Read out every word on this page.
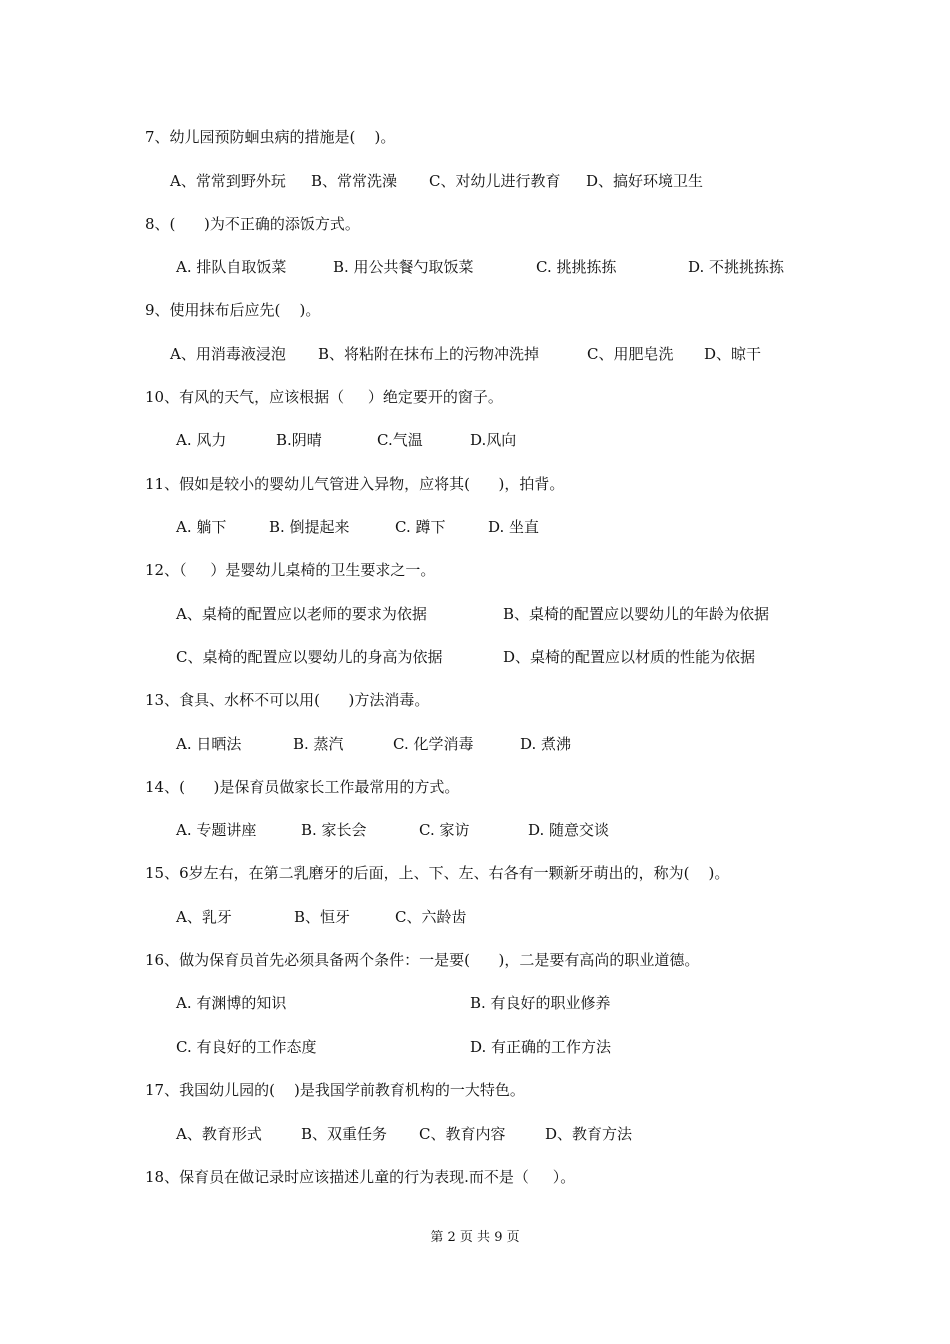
7、幼儿园预防蛔虫病的措施是(    )。
A、常常到野外玩 B、常常洗澡 C、对幼儿进行教育 D、搞好环境卫生
8、(      )为不正确的添饭方式。
A. 排队自取饭菜	B. 用公共餐勺取饭菜	C. 挑挑拣拣	D. 不挑挑拣拣
9、使用抹布后应先(    )。
A、用消毒液浸泡 B、将粘附在抹布上的污物冲洗掉	C、用肥皂洗 D、晾干
10、有风的天气，应该根据（     ）绝定要开的窗子。
A. 风力	B.阴晴	C.气温	D.风向
11、假如是较小的婴幼儿气管进入异物，应将其(      )，拍背。
A. 躺下	B. 倒提起来	C. 蹲下	D. 坐直
12、（     ）是婴幼儿桌椅的卫生要求之一。
A、桌椅的配置应以老师的要求为依据	B、桌椅的配置应以婴幼儿的年龄为依据
C、桌椅的配置应以婴幼儿的身高为依据	D、桌椅的配置应以材质的性能为依据
13、食具、水杯不可以用(      )方法消毒。
A. 日晒法	B. 蒸汽	C. 化学消毒	D. 煮沸
14、(      )是保育员做家长工作最常用的方式。
A. 专题讲座	B. 家长会	C. 家访	D. 随意交谈
15、6岁左右，在第二乳磨牙的后面，上、下、左、右各有一颗新牙萌出的，称为(    )。
A、乳牙	B、恒牙	C、六龄齿
16、做为保育员首先必须具备两个条件：一是要(      )，二是要有高尚的职业道德。
A. 有渊博的知识	B. 有良好的职业修养
C. 有良好的工作态度	D. 有正确的工作方法
17、我国幼儿园的(    )是我国学前教育机构的一大特色。
A、教育形式	B、双重任务 C、教育内容	D、教育方法
18、保育员在做记录时应该描述儿童的行为表现.而不是（     ）。
第 2 页 共 9 页
